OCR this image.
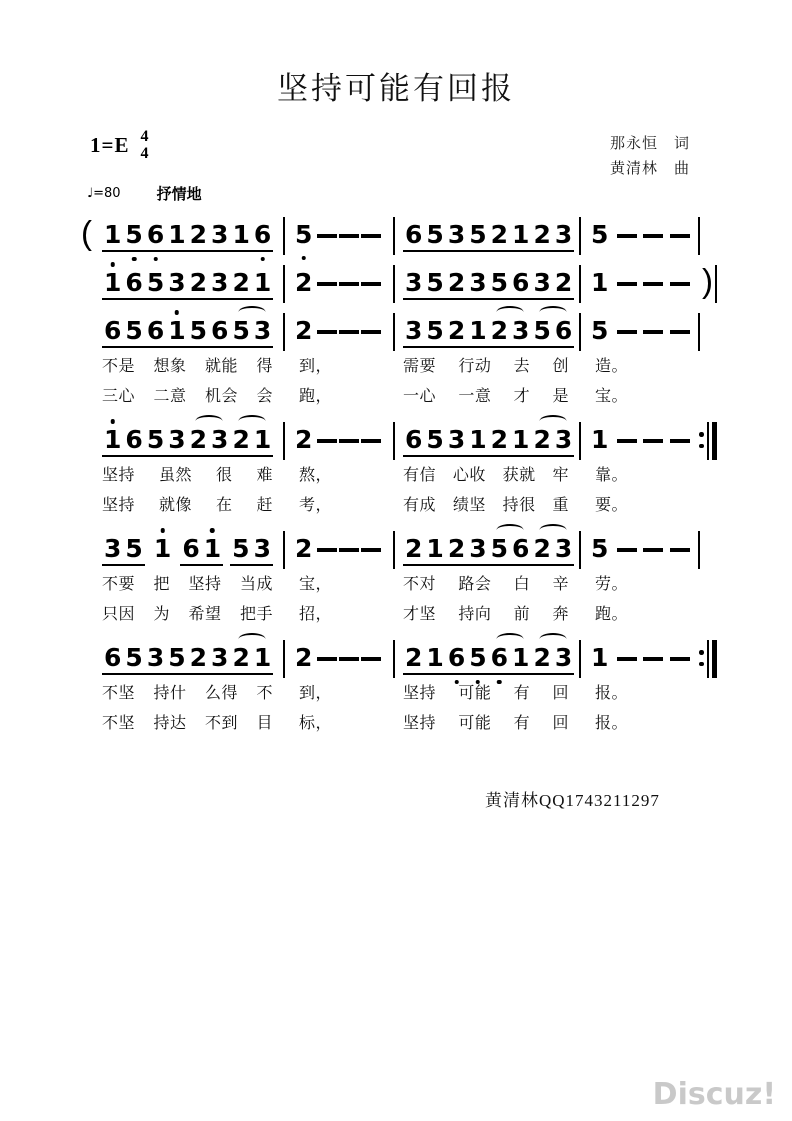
坚持可能有回报
1=E 4
4
那永恒　词
黄清林　曲
♩=80 抒情地
( 1 5 6 1 2 3 1 6 5	6 5 3 5 2 1 2 3 5
1 6 5 3 2 3 2 1 2	3 5 2 3 5 6 3 2 1	)
6 5 6 1 5 6 5 3
不是 想象 就能 得
三心 二意 机会 会
2
到，
跑，
3 5 2 1 2 3 5 6
需要 行动 去 创
一心 一意 才 是
5
造。
宝。
1 6 5 3 2 3 2 1
坚持 虽然 很 难
坚持 就像 在 赶
2
熬，
考，
6 5 3 1 2 1 2 3
有信 心收 获就 牢
有成 绩坚 持很 重
1
靠。
要。
3 5 1 6 1 5 3
不要 把 坚持 当成
只因 为 希望 把手
2
宝，
招，
2 1 2 3 5 6 2 3
不对 路会 白 辛
才坚 持向 前 奔
5
劳。
跑。
6 5 3 5 2 3 2 1
不坚 持什 么得 不
不坚 持达 不到 目
2
到，
标，
2 1 6 5 6 1 2 3
坚持 可能 有 回
坚持 可能 有 回
1
报。
报。
黄清林QQ1743211297
Discuz!
